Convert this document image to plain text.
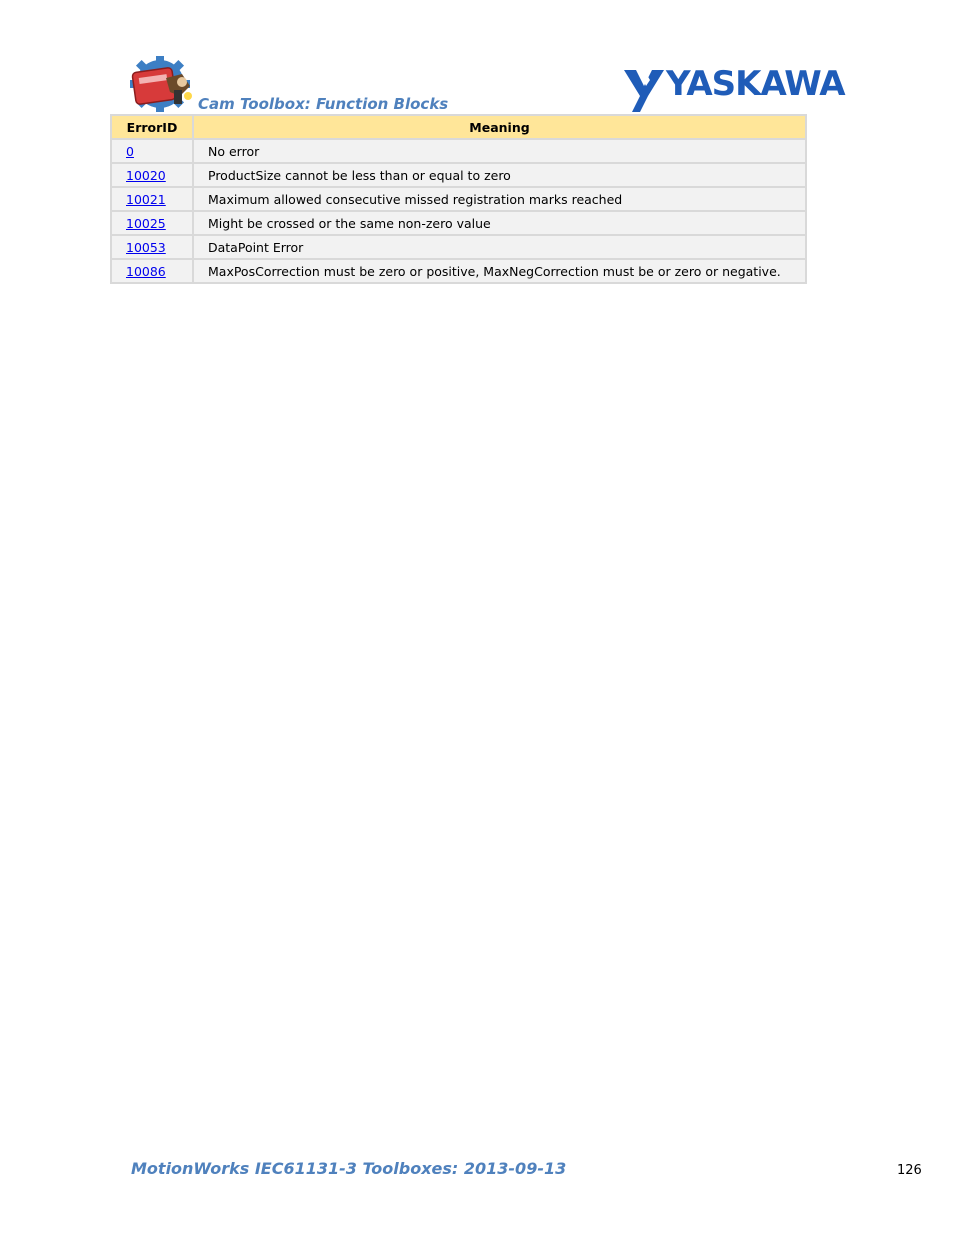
Cam Toolbox: Function Blocks	YASKAWA
ErrorID	Meaning
0	No error
10020	ProductSize cannot be less than or equal to zero
10021	Maximum allowed consecutive missed registration marks reached
10025	Might be crossed or the same non-zero value
10053	DataPoint Error
10086	MaxPosCorrection must be zero or positive, MaxNegCorrection must be or zero or negative.
MotionWorks IEC61131-3 Toolboxes: 2013-09-13	126
